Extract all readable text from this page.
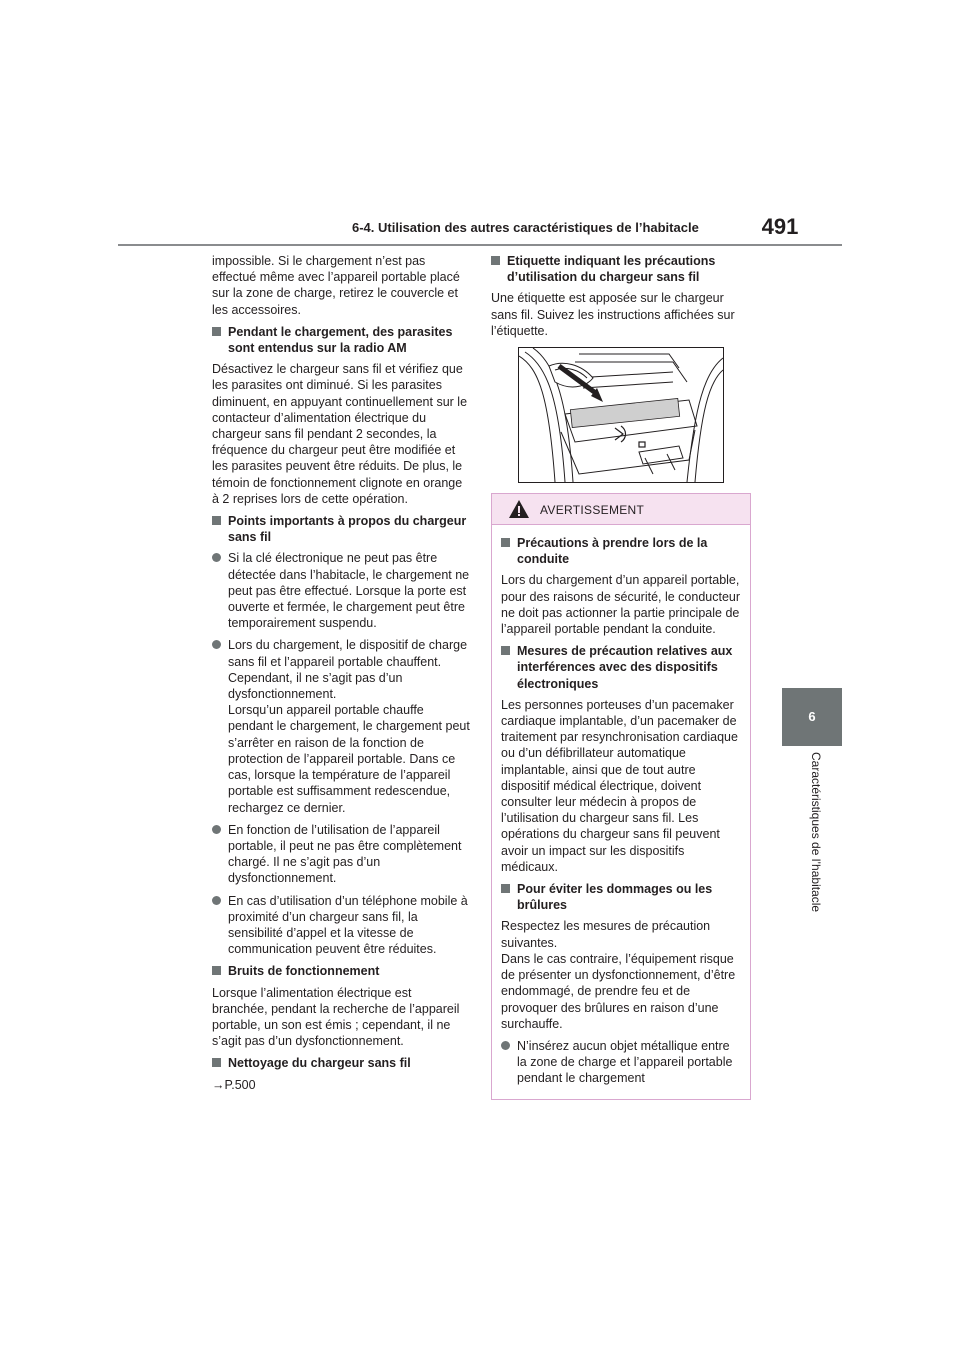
6-4. Utilisation des autres caractéristiques de l’habitacle	491
6
Caractéristiques de l’habitacle

impossible. Si le chargement n’est pas effectué même avec l’appareil portable placé sur la zone de charge, retirez le couvercle et les accessoires.

Pendant le chargement, des parasites sont entendus sur la radio AM

Désactivez le chargeur sans fil et vérifiez que les parasites ont diminué. Si les parasites diminuent, en appuyant continuellement sur le contacteur d’alimentation électrique du chargeur sans fil pendant 2 secondes, la fréquence du chargeur peut être modifiée et les parasites peuvent être réduits. De plus, le témoin de fonctionnement clignote en orange à 2 reprises lors de cette opération.

Points importants à propos du chargeur sans fil

Si la clé électronique ne peut pas être détectée dans l’habitacle, le chargement ne peut pas être effectué. Lorsque la porte est ouverte et fermée, le chargement peut être temporairement suspendu.

Lors du chargement, le dispositif de charge sans fil et l’appareil portable chauffent. Cependant, il ne s’agit pas d’un dysfonctionnement.
Lorsqu’un appareil portable chauffe pendant le chargement, le chargement peut s’arrêter en raison de la fonction de protection de l’appareil portable. Dans ce cas, lorsque la température de l’appareil portable est suffisamment redescendue, rechargez ce dernier.

En fonction de l’utilisation de l’appareil portable, il peut ne pas être complètement chargé. Il ne s’agit pas d’un dysfonctionnement.

En cas d’utilisation d’un téléphone mobile à proximité d’un chargeur sans fil, la sensibilité d’appel et la vitesse de communication peuvent être réduites.

Bruits de fonctionnement

Lorsque l’alimentation électrique est branchée, pendant la recherche de l’appareil portable, un son est émis ; cependant, il ne s’agit pas d’un dysfonctionnement.

Nettoyage du chargeur sans fil

→P.500

Etiquette indiquant les précautions d’utilisation du chargeur sans fil

Une étiquette est apposée sur le chargeur sans fil. Suivez les instructions affichées sur l’étiquette.

AVERTISSEMENT
Précautions à prendre lors de la conduite

Lors du chargement d’un appareil portable, pour des raisons de sécurité, le conducteur ne doit pas actionner la partie principale de l’appareil portable pendant la conduite.

Mesures de précaution relatives aux interférences avec des dispositifs électroniques

Les personnes porteuses d’un pacemaker cardiaque implantable, d’un pacemaker de traitement par resynchronisation cardiaque ou d’un défibrillateur automatique implantable, ainsi que de tout autre dispositif médical électrique, doivent consulter leur médecin à propos de l’utilisation du chargeur sans fil. Les opérations du chargeur sans fil peuvent avoir un impact sur les dispositifs médicaux.

Pour éviter les dommages ou les brûlures

Respectez les mesures de précaution suivantes.
Dans le cas contraire, l’équipement risque de présenter un dysfonctionnement, d’être endommagé, de prendre feu et de provoquer des brûlures en raison d’une surchauffe.

N’insérez aucun objet métallique entre la zone de charge et l’appareil portable pendant le chargement
